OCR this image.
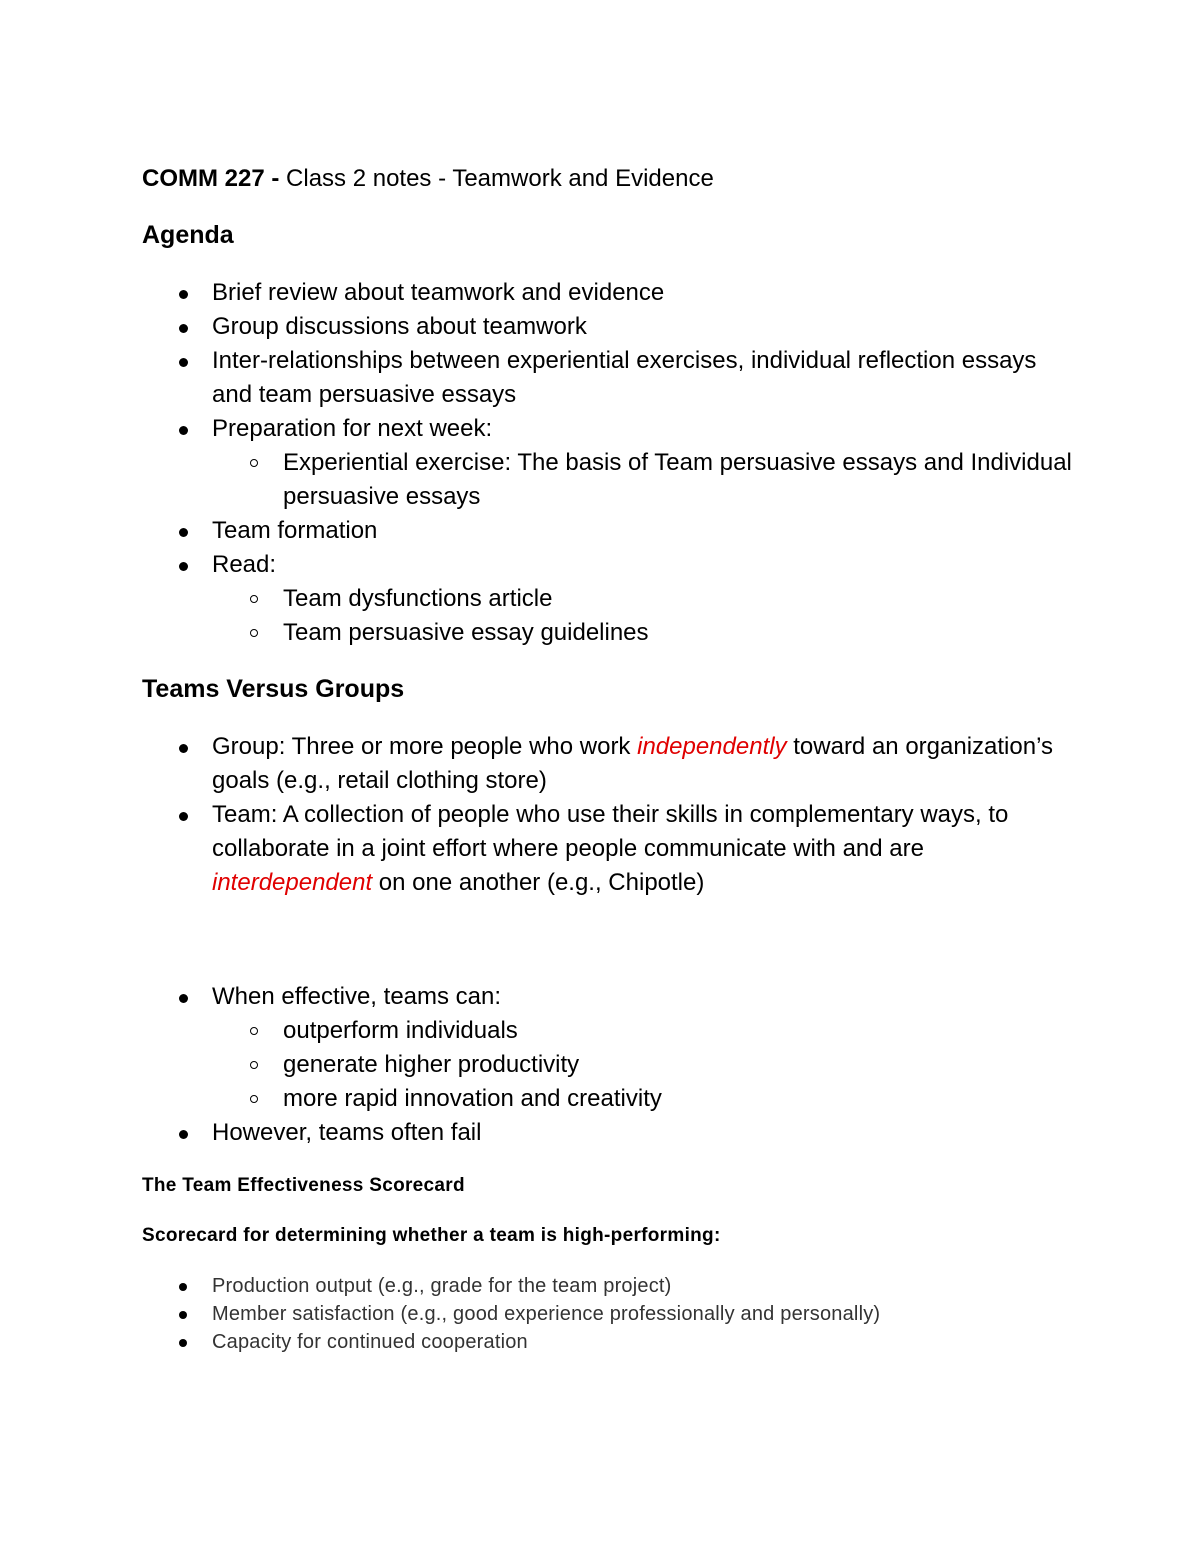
COMM 227 - Class 2 notes - Teamwork and Evidence
Agenda
Brief review about teamwork and evidence
Group discussions about teamwork
Inter-relationships between experiential exercises, individual reflection essays and team persuasive essays
Preparation for next week:
Experiential exercise: The basis of Team persuasive essays and Individual persuasive essays
Team formation
Read:
Team dysfunctions article
Team persuasive essay guidelines
Teams Versus Groups
Group: Three or more people who work independently toward an organization’s goals (e.g., retail clothing store)
Team: A collection of people who use their skills in complementary ways, to collaborate in a joint effort where people communicate with and are interdependent on one another (e.g., Chipotle)
When effective, teams can:
outperform individuals
generate higher productivity
more rapid innovation and creativity
However, teams often fail
The Team Effectiveness Scorecard
Scorecard for determining whether a team is high-performing:
Production output (e.g., grade for the team project)
Member satisfaction (e.g., good experience professionally and personally)
Capacity for continued cooperation
